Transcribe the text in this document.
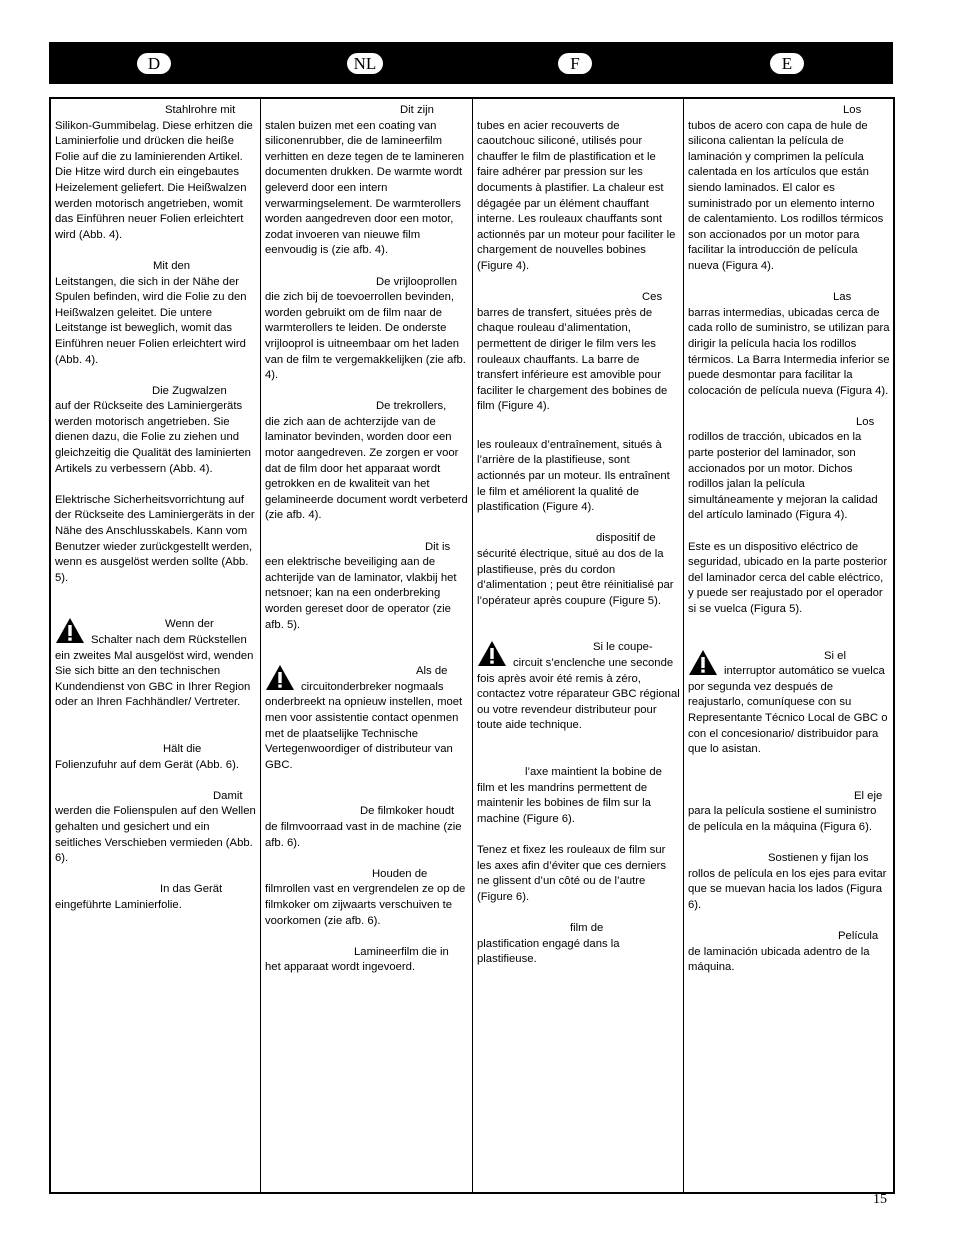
D	NL	F	E

Stahlrohre mit
Silikon-Gummibelag. Diese erhitzen die Laminierfolie und drücken die heiße Folie auf die zu laminierenden Artikel. Die Hitze wird durch ein eingebautes Heizelement geliefert. Die Heißwalzen werden motorisch angetrieben, womit das Einführen neuer Folien erleichtert wird (Abb. 4).

Mit den
Leitstangen, die sich in der Nähe der Spulen befinden, wird die Folie zu den Heißwalzen geleitet. Die untere Leitstange ist beweglich, womit das Einführen neuer Folien erleichtert wird (Abb. 4).

Die Zugwalzen
auf der Rückseite des Laminiergeräts werden motorisch angetrieben. Sie dienen dazu, die Folie zu ziehen und gleichzeitig die Qualität des laminierten Artikels zu verbessern (Abb. 4).

Elektrische Sicherheitsvorrichtung auf der Rückseite des Laminiergeräts in der Nähe des Anschlusskabels. Kann vom Benutzer wieder zurückgestellt werden, wenn es ausgelöst werden sollte (Abb. 5).

Wenn der
Schalter nach dem Rückstellen ein zweites Mal ausgelöst wird, wenden Sie sich bitte an den technischen Kundendienst von GBC in Ihrer Region oder an Ihren Fachhändler/ Vertreter.

Hält die
Folienzufuhr auf dem Gerät (Abb. 6).

Damit
werden die Folienspulen auf den Wellen gehalten und gesichert und ein seitliches Verschieben vermieden (Abb. 6).

In das Gerät
eingeführte Laminierfolie.

Dit zijn
stalen buizen met een coating van siliconenrubber, die de lamineerfilm verhitten en deze tegen de te lamineren documenten drukken. De warmte wordt geleverd door een intern verwarmingselement. De warmterollers worden aangedreven door een motor, zodat invoeren van nieuwe film eenvoudig is (zie afb. 4).

De vrijlooprollen
die zich bij de toevoerrollen bevinden, worden gebruikt om de film naar de warmterollers te leiden. De onderste vrijlooprol is uitneembaar om het laden van de film te vergemakkelijken (zie afb. 4).

De trekrollers,
die zich aan de achterzijde van de laminator bevinden, worden door een motor aangedreven. Ze zorgen er voor dat de film door het apparaat wordt getrokken en de kwaliteit van het gelamineerde document wordt verbeterd (zie afb. 4).

Dit is
een elektrische beveiliging aan de achterijde van de laminator, vlakbij het netsnoer; kan na een onderbreking worden gereset door de operator (zie afb. 5).

Als de
circuitonderbreker nogmaals onderbreekt na opnieuw instellen, moet men voor assistentie contact openmen met de plaatselijke Technische Vertegenwoordiger of distributeur van GBC.

De filmkoker houdt
de filmvoorraad vast in de machine (zie afb. 6).

Houden de
filmrollen vast en vergrendelen ze op de filmkoker om zijwaarts verschuiven te voorkomen (zie afb. 6).

Lamineerfilm die in
het apparaat wordt ingevoerd.

tubes en acier recouverts de caoutchouc siliconé, utilisés pour chauffer le film de plastification et le faire adhérer par pression sur les documents à plastifier. La chaleur est dégagée par un élément chauffant interne. Les rouleaux chauffants sont actionnés par un moteur pour faciliter le chargement de nouvelles bobines (Figure 4).

Ces
barres de transfert, situées près de chaque rouleau d’alimentation, permettent de diriger le film vers les rouleaux chauffants. La barre de transfert inférieure est amovible pour faciliter le chargement des bobines de film (Figure 4).

les rouleaux d’entraînement, situés à l’arrière de la plastifieuse, sont actionnés par un moteur. Ils entraînent le film et améliorent la qualité de plastification (Figure 4).

dispositif de
sécurité électrique, situé au dos de la plastifieuse, près du cordon d’alimentation ; peut être réinitialisé par l’opérateur après coupure (Figure 5).

Si le coupe-
circuit s’enclenche une seconde fois après avoir été remis à zéro, contactez votre réparateur GBC régional ou votre revendeur distributeur pour toute aide technique.

l’axe maintient la bobine de
film et les mandrins permettent de maintenir les bobines de film sur la machine (Figure 6).

Tenez et fixez les rouleaux de film sur les axes afin d’éviter que ces derniers ne glissent d’un côté ou de l’autre (Figure 6).

film de
plastification engagé dans la plastifieuse.

Los
tubos de acero con capa de hule de silicona calientan la película de laminación y comprimen la película calentada en los artículos que están siendo laminados. El calor es suministrado por un elemento interno de calentamiento. Los rodillos térmicos son accionados por un motor para facilitar la introducción de película nueva (Figura 4).

Las
barras intermedias, ubicadas cerca de cada rollo de suministro, se utilizan para dirigir la película hacia los rodillos térmicos. La Barra Intermedia inferior se puede desmontar para facilitar la colocación de película nueva (Figura 4).

Los
rodillos de tracción, ubicados en la parte posterior del laminador, son accionados por un motor. Dichos rodillos jalan la película simultáneamente y mejoran la calidad del artículo laminado (Figura 4).

Este es un dispositivo eléctrico de seguridad, ubicado en la parte posterior del laminador cerca del cable eléctrico, y puede ser reajustado por el operador si se vuelca (Figura 5).

Si el
interruptor automático se vuelca por segunda vez después de reajustarlo, comuníquese con su Representante Técnico Local de GBC o con el concesionario/ distribuidor para que lo asistan.

El eje
para la película sostiene el suministro de película en la máquina (Figura 6).

Sostienen y fijan los
rollos de película en los ejes para evitar que se muevan hacia los lados (Figura 6).

Película
de laminación ubicada adentro de la máquina.

15
